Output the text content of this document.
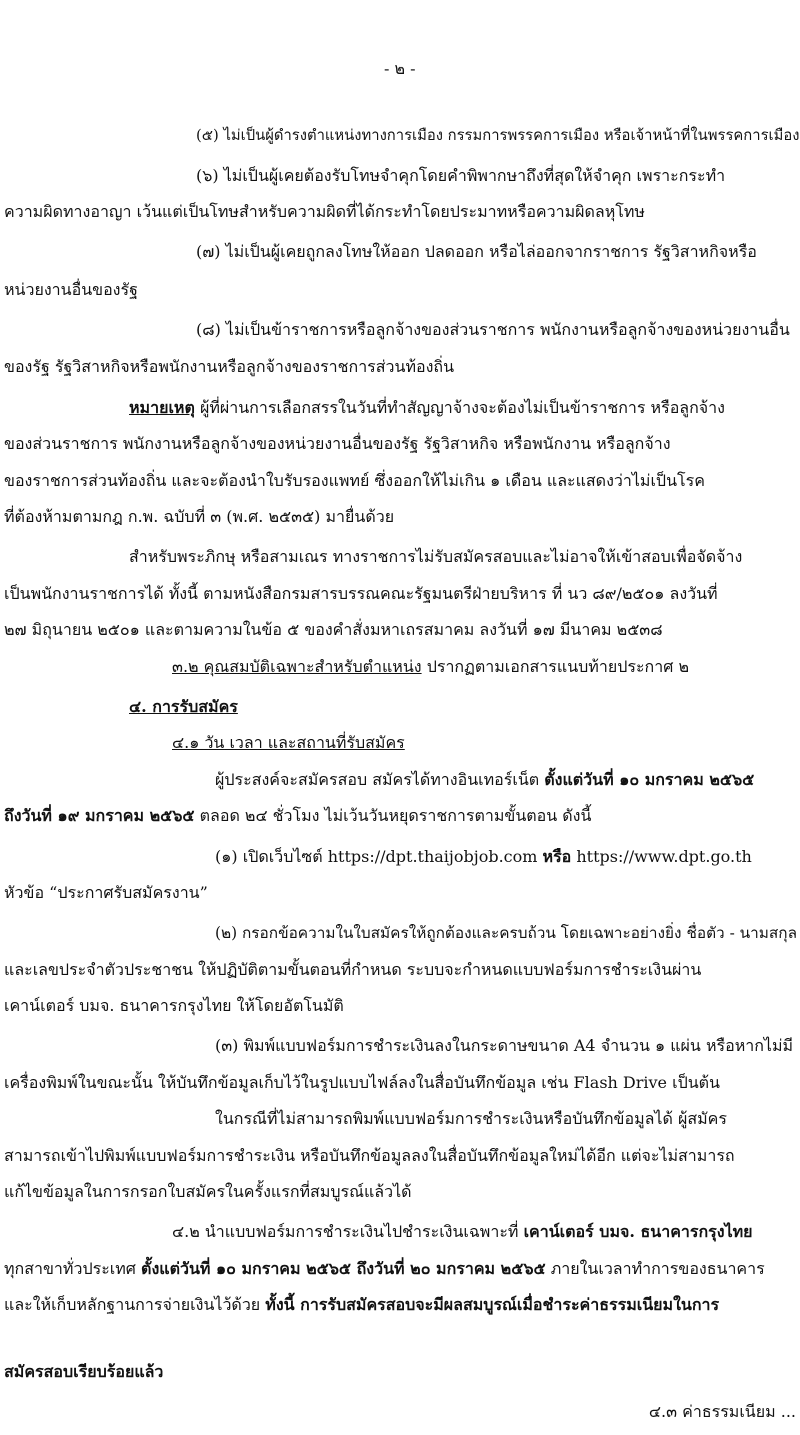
- ๒ -
(๕) ไม่เป็นผู้ดำรงตำแหน่งทางการเมือง กรรมการพรรคการเมือง หรือเจ้าหน้าที่ในพรรคการเมือง
(๖) ไม่เป็นผู้เคยต้องรับโทษจำคุกโดยคำพิพากษาถึงที่สุดให้จำคุก เพราะกระทำ
ความผิดทางอาญา เว้นแต่เป็นโทษสำหรับความผิดที่ได้กระทำโดยประมาทหรือความผิดลหุโทษ
(๗) ไม่เป็นผู้เคยถูกลงโทษให้ออก ปลดออก หรือไล่ออกจากราชการ รัฐวิสาหกิจหรือ
หน่วยงานอื่นของรัฐ
(๘) ไม่เป็นข้าราชการหรือลูกจ้างของส่วนราชการ พนักงานหรือลูกจ้างของหน่วยงานอื่น
ของรัฐ รัฐวิสาหกิจหรือพนักงานหรือลูกจ้างของราชการส่วนท้องถิ่น
หมายเหตุ ผู้ที่ผ่านการเลือกสรรในวันที่ทำสัญญาจ้างจะต้องไม่เป็นข้าราชการ หรือลูกจ้าง
ของส่วนราชการ พนักงานหรือลูกจ้างของหน่วยงานอื่นของรัฐ รัฐวิสาหกิจ หรือพนักงาน หรือลูกจ้าง
ของราชการส่วนท้องถิ่น และจะต้องนำใบรับรองแพทย์ ซึ่งออกให้ไม่เกิน ๑ เดือน และแสดงว่าไม่เป็นโรค
ที่ต้องห้ามตามกฎ ก.พ. ฉบับที่ ๓ (พ.ศ. ๒๕๓๕) มายื่นด้วย
สำหรับพระภิกษุ หรือสามเณร ทางราชการไม่รับสมัครสอบและไม่อาจให้เข้าสอบเพื่อจัดจ้าง
เป็นพนักงานราชการได้ ทั้งนี้ ตามหนังสือกรมสารบรรณคณะรัฐมนตรีฝ่ายบริหาร ที่ นว ๘๙/๒๕๐๑ ลงวันที่
๒๗ มิถุนายน ๒๕๐๑ และตามความในข้อ ๕ ของคำสั่งมหาเถรสมาคม ลงวันที่ ๑๗ มีนาคม ๒๕๓๘
๓.๒ คุณสมบัติเฉพาะสำหรับตำแหน่ง ปรากฏตามเอกสารแนบท้ายประกาศ ๒
๔. การรับสมัคร
๔.๑ วัน เวลา และสถานที่รับสมัคร
ผู้ประสงค์จะสมัครสอบ สมัครได้ทางอินเทอร์เน็ต ตั้งแต่วันที่ ๑๐ มกราคม ๒๕๖๕
ถึงวันที่ ๑๙ มกราคม ๒๕๖๕ ตลอด ๒๔ ชั่วโมง ไม่เว้นวันหยุดราชการตามขั้นตอน ดังนี้
(๑) เปิดเว็บไซต์ https://dpt.thaijobjob.com หรือ https://www.dpt.go.th
หัวข้อ “ประกาศรับสมัครงาน”
(๒) กรอกข้อความในใบสมัครให้ถูกต้องและครบถ้วน โดยเฉพาะอย่างยิ่ง ชื่อตัว - นามสกุล
และเลขประจำตัวประชาชน ให้ปฏิบัติตามขั้นตอนที่กำหนด ระบบจะกำหนดแบบฟอร์มการชำระเงินผ่าน
เคาน์เตอร์ บมจ. ธนาคารกรุงไทย ให้โดยอัตโนมัติ
(๓) พิมพ์แบบฟอร์มการชำระเงินลงในกระดาษขนาด A4 จำนวน ๑ แผ่น หรือหากไม่มี
เครื่องพิมพ์ในขณะนั้น ให้บันทึกข้อมูลเก็บไว้ในรูปแบบไฟล์ลงในสื่อบันทึกข้อมูล เช่น Flash Drive เป็นต้น
ในกรณีที่ไม่สามารถพิมพ์แบบฟอร์มการชำระเงินหรือบันทึกข้อมูลได้ ผู้สมัคร
สามารถเข้าไปพิมพ์แบบฟอร์มการชำระเงิน หรือบันทึกข้อมูลลงในสื่อบันทึกข้อมูลใหม่ได้อีก แต่จะไม่สามารถ
แก้ไขข้อมูลในการกรอกใบสมัครในครั้งแรกที่สมบูรณ์แล้วได้
๔.๒ นำแบบฟอร์มการชำระเงินไปชำระเงินเฉพาะที่ เคาน์เตอร์ บมจ. ธนาคารกรุงไทย
ทุกสาขาทั่วประเทศ ตั้งแต่วันที่ ๑๐ มกราคม ๒๕๖๕ ถึงวันที่ ๒๐ มกราคม ๒๕๖๕ ภายในเวลาทำการของธนาคาร
และให้เก็บหลักฐานการจ่ายเงินไว้ด้วย ทั้งนี้ การรับสมัครสอบจะมีผลสมบูรณ์เมื่อชำระค่าธรรมเนียมในการ
สมัครสอบเรียบร้อยแล้ว
๔.๓ ค่าธรรมเนียม ...
